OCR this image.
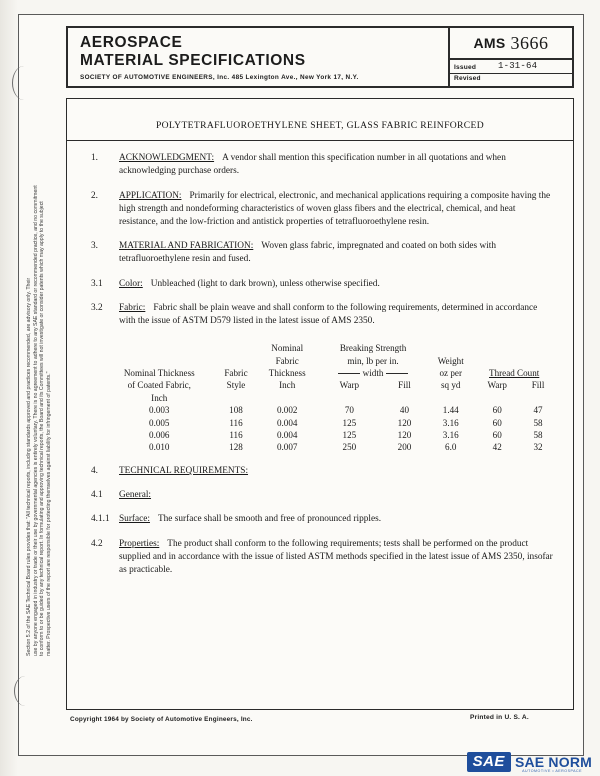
Section 5.2 of the SAE Technical Board rules provides that: "All technical reports, including standards approved and practices recommended, are advisory only. Their use by anyone engaged in industry or trade or their use by governmental agencies is entirely voluntary. There is no agreement to adhere to any SAE standard or recommended practice, and no commitment to conform to or be guided by any technical report. In formulating and approving technical reports, the Board and its Committees will not investigate or consider patents which may apply to the subject matter. Prospective users of the report are responsible for protecting themselves against liability for infringement of patents."
AEROSPACE
MATERIAL SPECIFICATIONS
SOCIETY OF AUTOMOTIVE ENGINEERS, Inc. 485 Lexington Ave., New York 17, N.Y.
AMS 3666
Issued 1-31-64
Revised
POLYTETRAFLUOROETHYLENE SHEET, GLASS FABRIC REINFORCED
1.	ACKNOWLEDGMENT: A vendor shall mention this specification number in all quotations and when acknowledging purchase orders.
2.	APPLICATION: Primarily for electrical, electronic, and mechanical applications requiring a composite having the high strength and nondeforming characteristics of woven glass fibers and the electrical, chemical, and heat resistance, and the low-friction and antistick properties of tetrafluoroethylene resin.
3.	MATERIAL AND FABRICATION: Woven glass fabric, impregnated and coated on both sides with tetrafluoroethylene resin and fused.
3.1	Color: Unbleached (light to dark brown), unless otherwise specified.
3.2	Fabric: Fabric shall be plain weave and shall conform to the following requirements, determined in accordance with the issue of ASTM D579 listed in the latest issue of AMS 2350.
		Nominal	Breaking Strength				
		Fabric	min, lb per in.		Weight		
Nominal Thickness	Fabric	Thickness	width		oz per	Thread Count	
of Coated Fabric,	Style	Inch	Warp	Fill	sq yd	Warp	Fill
Inch							
0.003	108	0.002	70	40	1.44	60	47
0.005	116	0.004	125	120	3.16	60	58
0.006	116	0.004	125	120	3.16	60	58
0.010	128	0.007	250	200	6.0	42	32
4.	TECHNICAL REQUIREMENTS:
4.1	General:
4.1.1	Surface: The surface shall be smooth and free of pronounced ripples.
4.2	Properties: The product shall conform to the following requirements; tests shall be performed on the product supplied and in accordance with the issue of listed ASTM methods specified in the latest issue of AMS 2350, insofar as practicable.
Copyright 1964 by Society of Automotive Engineers, Inc.	Printed in U. S. A.
SAE SAE NORM
AUTOMOTIVE • AEROSPACE
